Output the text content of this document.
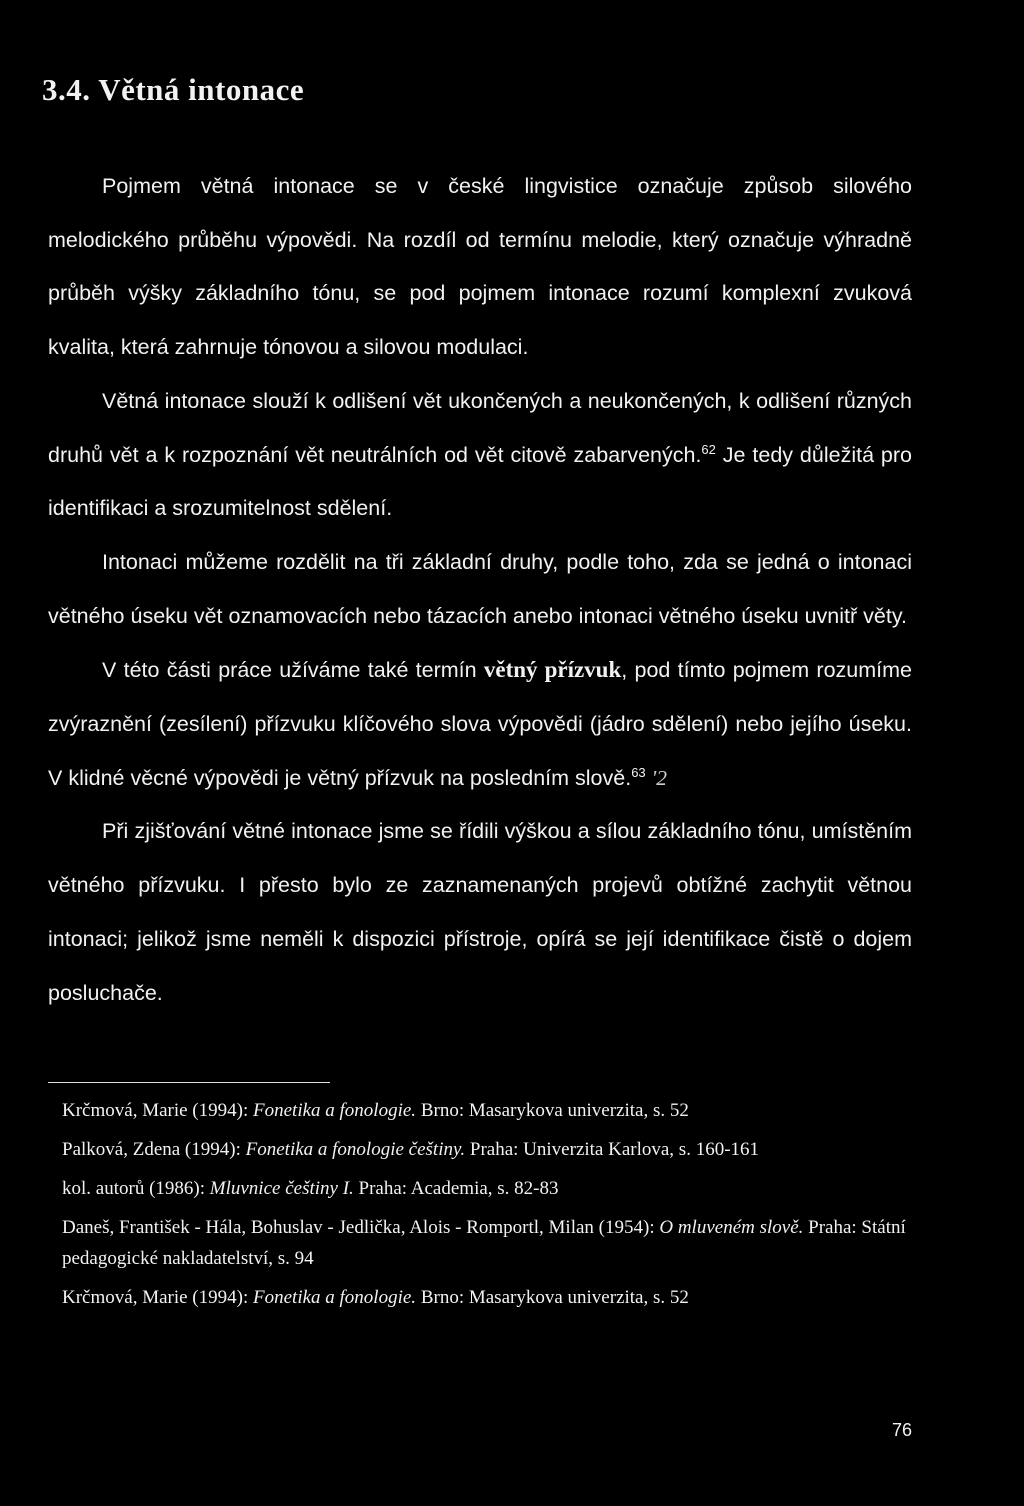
3.4. Větná intonace

Pojmem větná intonace se v české lingvistice označuje způsob silového melodického průběhu výpovědi. Na rozdíl od termínu melodie, který označuje výhradně průběh výšky základního tónu, se pod pojmem intonace rozumí komplexní zvuková kvalita, která zahrnuje tónovou a silovou modulaci.

Větná intonace slouží k odlišení vět ukončených a neukončených, k odlišení různých druhů vět a k rozpoznání vět neutrálních od vět citově zabarvených.$^{62}$ Je tedy důležitá pro identifikaci a srozumitelnost sdělení.

Intonaci můžeme rozdělit na tři základní druhy, podle toho, zda se jedná o intonaci větného úseku vět oznamovacích nebo tázacích anebo intonaci větného úseku uvnitř věty.

V této části práce užíváme také termín větný přízvuk, pod tímto pojmem rozumíme zvýraznění (zesílení) přízvuku klíčového slova výpovědi (jádro sdělení) nebo jejího úseku. V klidné věcné výpovědi je větný přízvuk na posledním slově.$^{63}$ '2

Při zjišťování větné intonace jsme se řídili výškou a sílou základního tónu, umístěním větného přízvuku. I přesto bylo ze zaznamenaných projevů obtížné zachytit větnou intonaci; jelikož jsme neměli k dispozici přístroje, opírá se její identifikace čistě o dojem posluchače.

Krčmová, Marie (1994): Fonetika a fonologie. Brno: Masarykova univerzita, s. 52

Palková, Zdena (1994): Fonetika a fonologie češtiny. Praha: Univerzita Karlova, s. 160-161

kol. autorů (1986): Mluvnice češtiny I. Praha: Academia, s. 82-83

Daneš, František - Hála, Bohuslav - Jedlička, Alois - Romportl, Milan (1954): O mluveném slově. Praha: Státní pedagogické nakladatelství, s. 94

Krčmová, Marie (1994): Fonetika a fonologie. Brno: Masarykova univerzita, s. 52

76
